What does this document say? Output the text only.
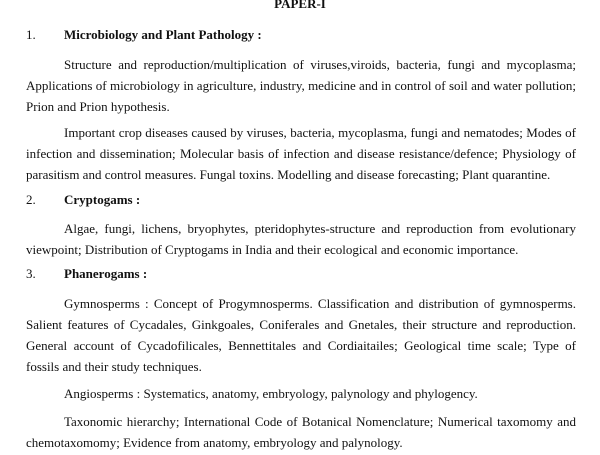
PAPER-I
1. Microbiology and Plant Pathology :

Structure and reproduction/multiplication of viruses,viroids, bacteria, fungi and mycoplasma; Applications of microbiology in agriculture, industry, medicine and in control of soil and water pollution; Prion and Prion hypothesis.

Important crop diseases caused by viruses, bacteria, mycoplasma, fungi and nematodes; Modes of infection and dissemination; Molecular basis of infection and disease resistance/defence; Physiology of parasitism and control measures. Fungal toxins. Modelling and disease forecasting; Plant quarantine.

2. Cryptogams :

Algae, fungi, lichens, bryophytes, pteridophytes-structure and reproduction from evolutionary viewpoint; Distribution of Cryptogams in India and their ecological and economic importance.

3. Phanerogams :

Gymnosperms : Concept of Progymnosperms. Classification and distribution of gymnosperms. Salient features of Cycadales, Ginkgoales, Coniferales and Gnetales, their structure and reproduction. General account of Cycadofilicales, Bennettitales and Cordiaitailes; Geological time scale; Type of fossils and their study techniques.

Angiosperms : Systematics, anatomy, embryology, palynology and phylogency.

Taxonomic hierarchy; International Code of Botanical Nomenclature; Numerical taxomomy and chemotaxomomy; Evidence from anatomy, embryology and palynology.
